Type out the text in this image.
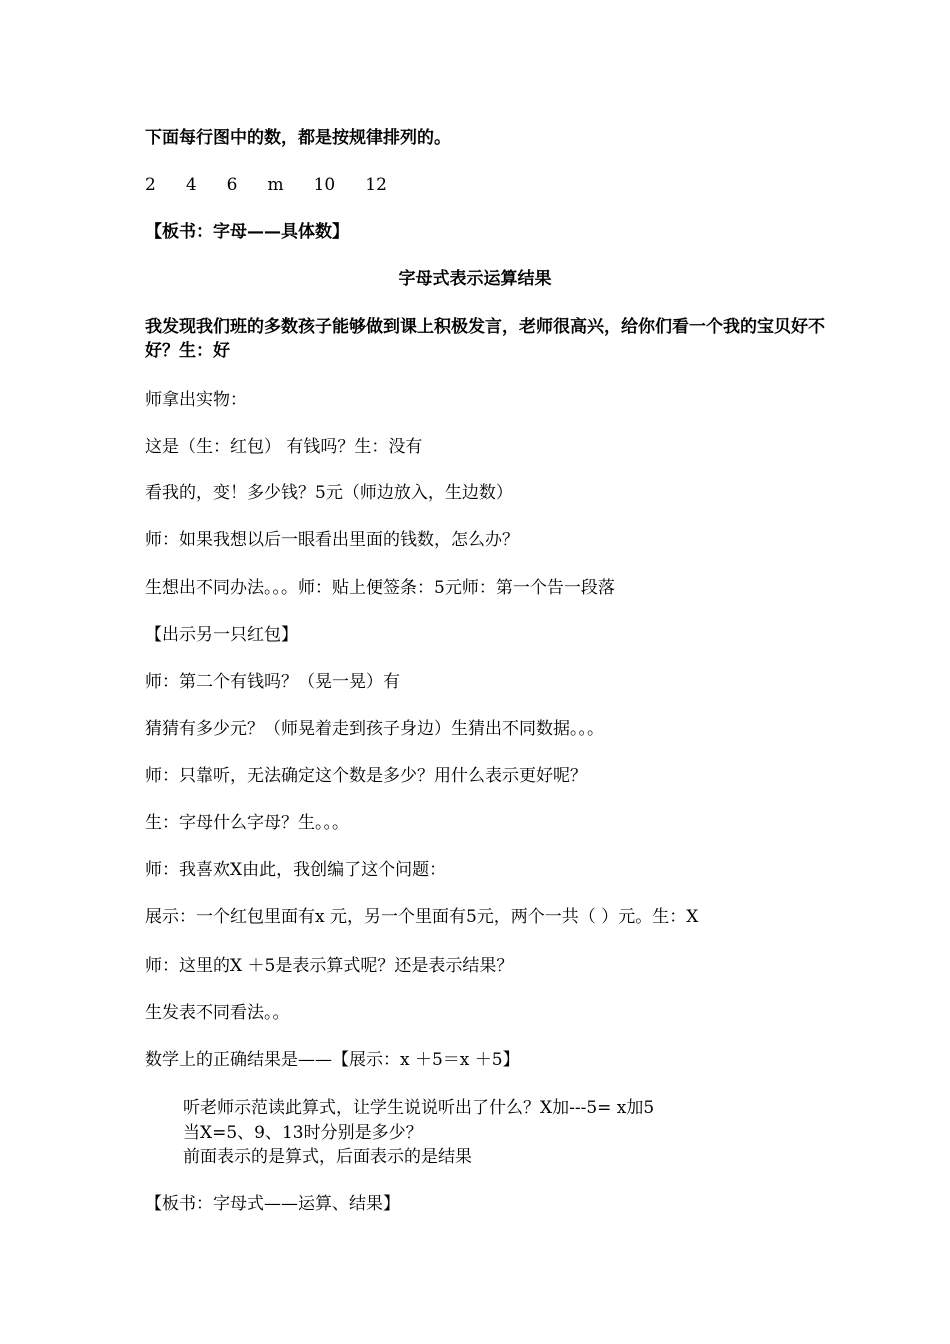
下面每行图中的数，都是按规律排列的。
2 4 6 m 10 12
【板书：字母——具体数】
字母式表示运算结果
我发现我们班的多数孩子能够做到课上积极发言，老师很高兴，给你们看一个我的宝贝好不好？生：好
师拿出实物：
这是（生：红包） 有钱吗？生：没有
看我的，变！多少钱？5元（师边放入，生边数）
师：如果我想以后一眼看出里面的钱数，怎么办？
生想出不同办法。。。师：贴上便签条：5元师：第一个告一段落
【出示另一只红包】
师：第二个有钱吗？（晃一晃）有
猜猜有多少元？（师晃着走到孩子身边）生猜出不同数据。。。
师：只靠听，无法确定这个数是多少？用什么表示更好呢？
生：字母什么字母？生。。。
师：我喜欢X由此，我创编了这个问题：
展示：一个红包里面有x 元，另一个里面有5元，两个一共（ ）元。生：X
师：这里的X ＋5是表示算式呢？还是表示结果？
生发表不同看法。。
数学上的正确结果是——【展示：x ＋5＝x ＋5】
听老师示范读此算式，让学生说说听出了什么？X加---5= x加5
当X=5、9、13时分别是多少？
前面表示的是算式，后面表示的是结果
【板书：字母式——运算、结果】
